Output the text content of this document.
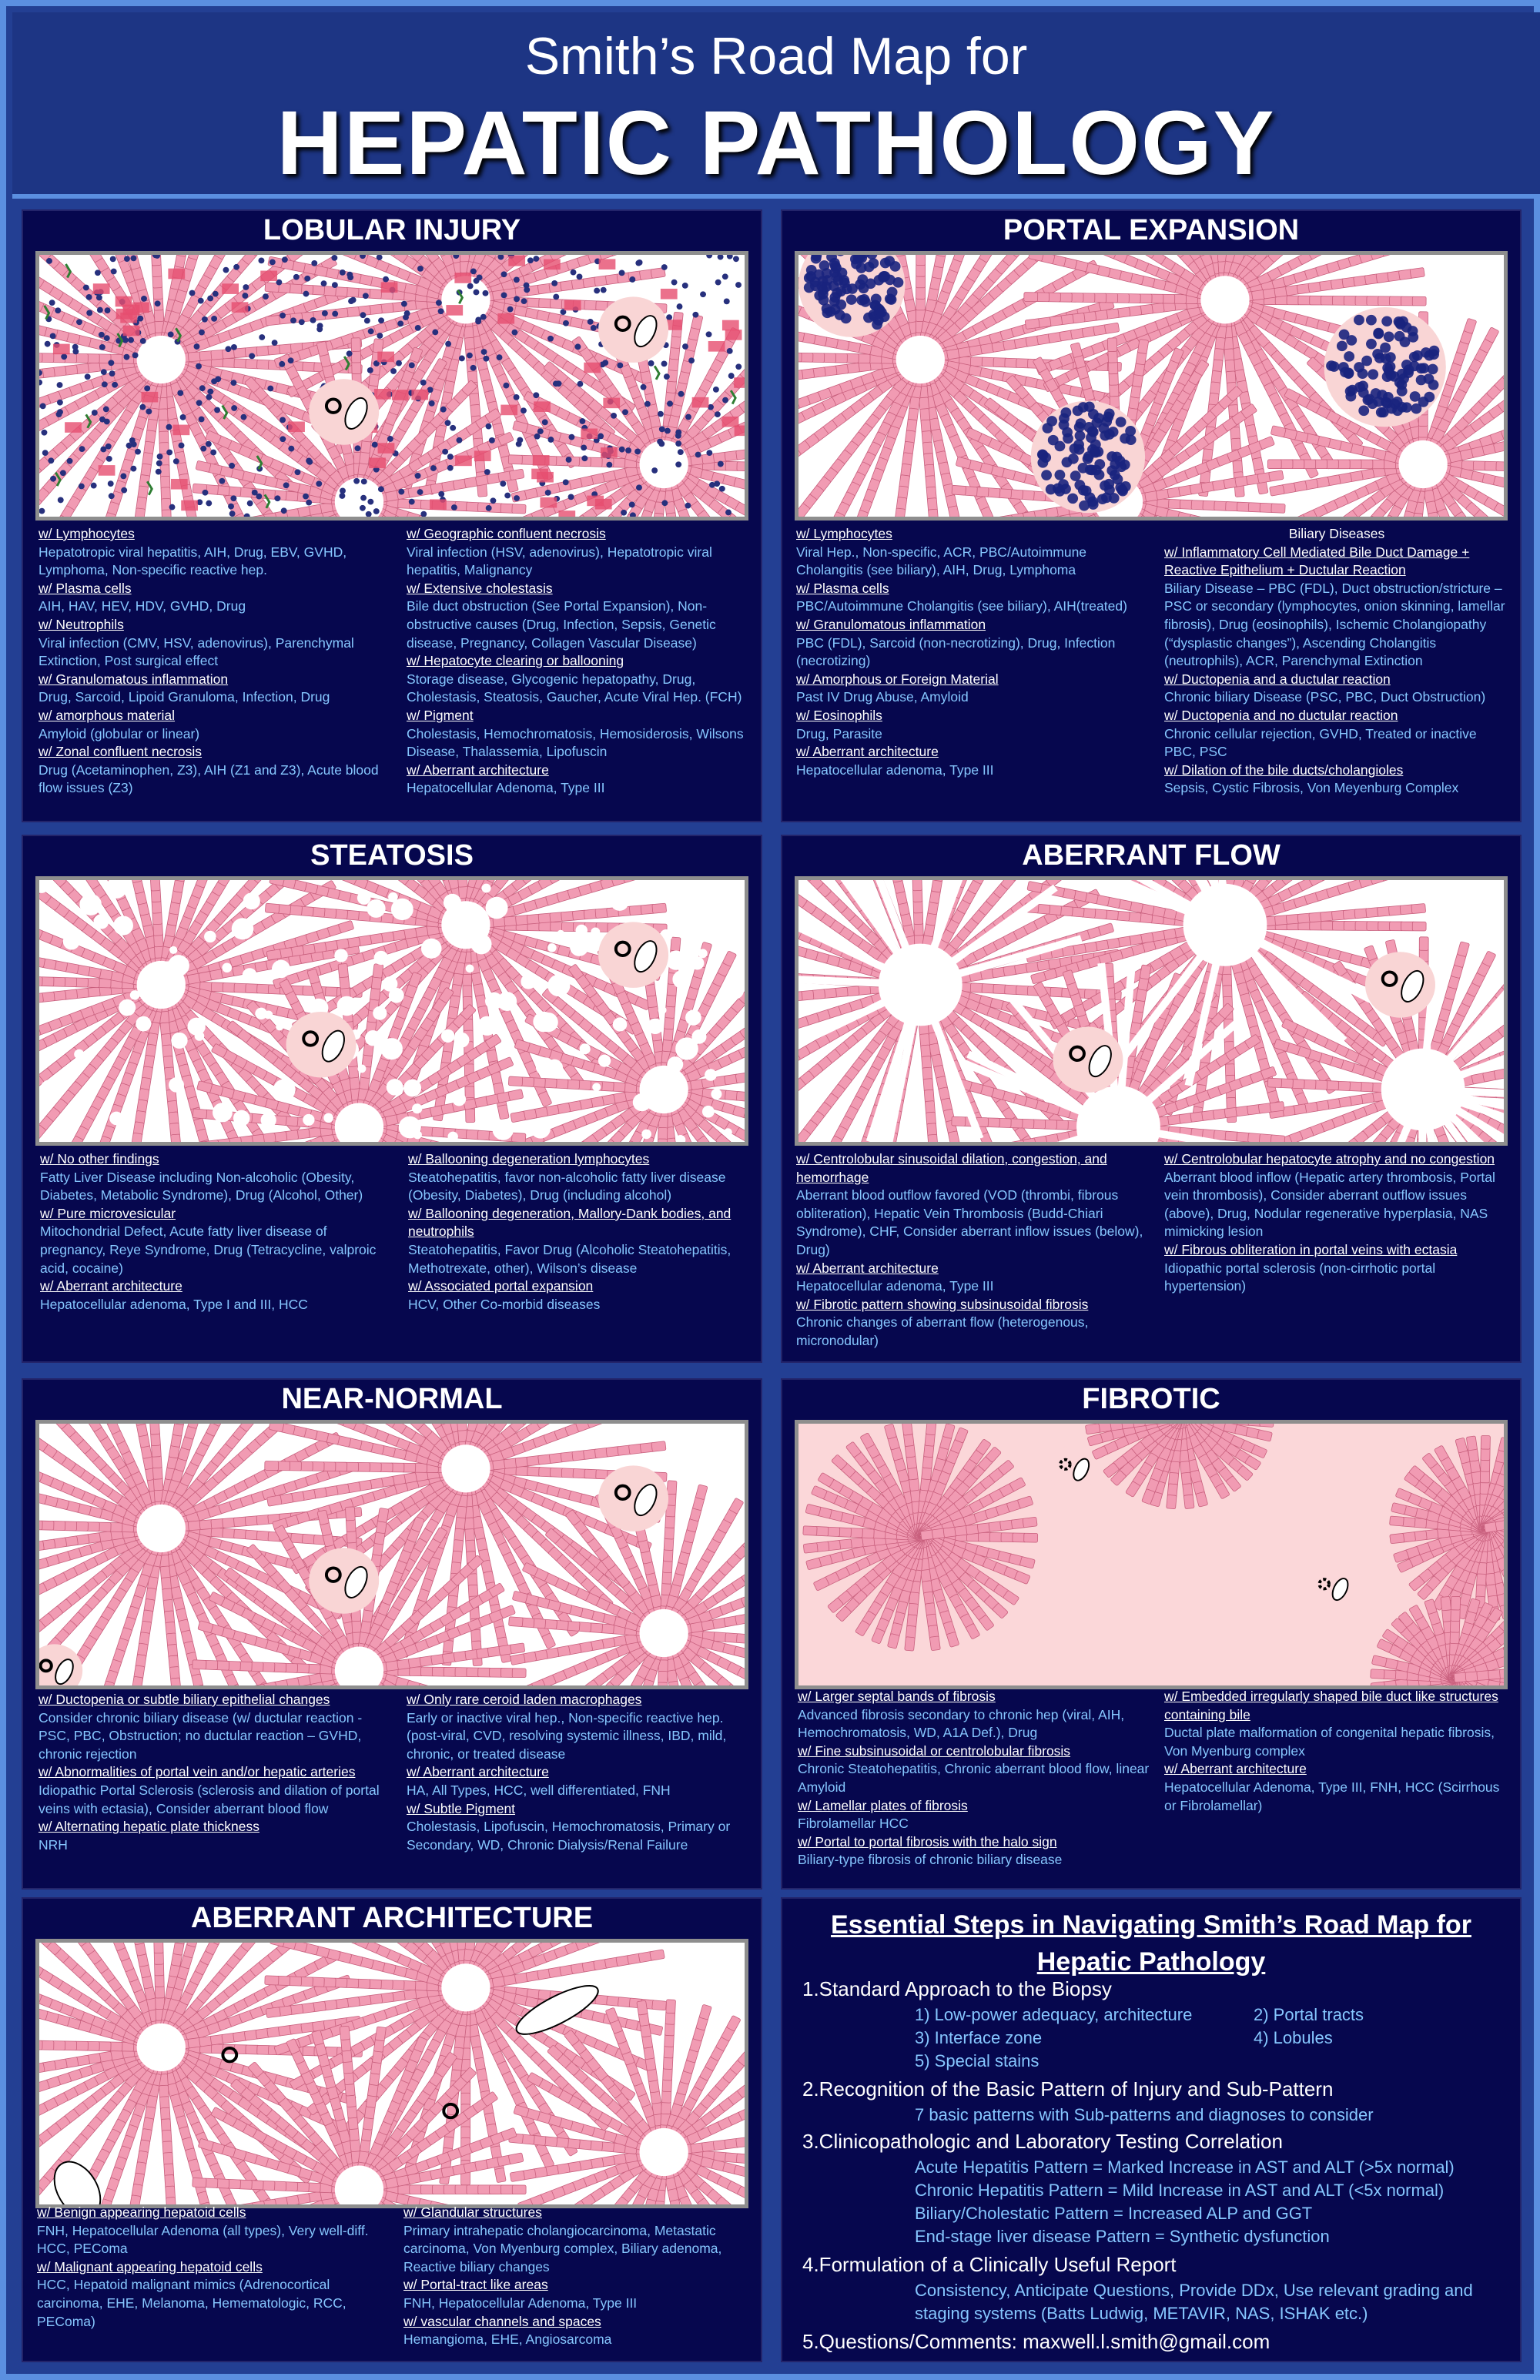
Smith’s Road Map for
HEPATIC PATHOLOGY
LOBULAR INJURY
w/ Lymphocytes
Hepatotropic viral hepatitis, AIH, Drug, EBV, GVHD, Lymphoma, Non-specific reactive hep.
w/ Plasma cells
AIH, HAV, HEV, HDV, GVHD, Drug
w/ Neutrophils
Viral infection (CMV, HSV, adenovirus), Parenchymal Extinction, Post surgical effect
w/ Granulomatous inflammation
Drug, Sarcoid, Lipoid Granuloma, Infection, Drug
w/ amorphous material
Amyloid (globular or linear)
w/ Zonal confluent necrosis
Drug (Acetaminophen, Z3), AIH (Z1 and Z3), Acute blood flow issues (Z3)
w/ Geographic confluent necrosis
Viral infection (HSV, adenovirus), Hepatotropic viral hepatitis, Malignancy
w/ Extensive cholestasis
Bile duct obstruction (See Portal Expansion), Non-obstructive causes (Drug, Infection, Sepsis, Genetic disease, Pregnancy, Collagen Vascular Disease)
w/ Hepatocyte clearing or ballooning
Storage disease, Glycogenic hepatopathy, Drug, Cholestasis, Steatosis, Gaucher, Acute Viral Hep. (FCH)
w/ Pigment
Cholestasis, Hemochromatosis, Hemosiderosis, Wilsons Disease, Thalassemia, Lipofuscin
w/ Aberrant architecture
Hepatocellular Adenoma, Type III
PORTAL EXPANSION
w/ Lymphocytes
Viral Hep., Non-specific, ACR, PBC/Autoimmune Cholangitis (see biliary), AIH, Drug, Lymphoma
w/ Plasma cells
PBC/Autoimmune Cholangitis (see biliary), AIH(treated)
w/ Granulomatous inflammation
PBC (FDL), Sarcoid (non-necrotizing), Drug, Infection (necrotizing)
w/ Amorphous or Foreign Material
Past IV Drug Abuse, Amyloid
w/ Eosinophils
Drug, Parasite
w/ Aberrant architecture
Hepatocellular adenoma, Type III
Biliary Diseases
w/ Inflammatory Cell Mediated Bile Duct Damage + Reactive Epithelium + Ductular Reaction
Biliary Disease – PBC (FDL), Duct obstruction/stricture – PSC or secondary (lymphocytes, onion skinning, lamellar fibrosis), Drug (eosinophils), Ischemic Cholangiopathy (“dysplastic changes”), Ascending Cholangitis (neutrophils), ACR, Parenchymal Extinction
w/ Ductopenia and a ductular reaction
Chronic biliary Disease (PSC, PBC, Duct Obstruction)
w/ Ductopenia and no ductular reaction
Chronic cellular rejection, GVHD, Treated or inactive PBC, PSC
w/ Dilation of the bile ducts/cholangioles
Sepsis, Cystic Fibrosis, Von Meyenburg Complex
STEATOSIS
w/ No other findings
Fatty Liver Disease including Non-alcoholic (Obesity, Diabetes, Metabolic Syndrome), Drug (Alcohol, Other)
w/ Pure microvesicular
Mitochondrial Defect, Acute fatty liver disease of pregnancy, Reye Syndrome, Drug (Tetracycline, valproic acid, cocaine)
w/ Aberrant architecture
Hepatocellular adenoma, Type I and III, HCC
w/ Ballooning degeneration lymphocytes
Steatohepatitis, favor non-alcoholic fatty liver disease (Obesity, Diabetes), Drug (including alcohol)
w/ Ballooning degeneration, Mallory-Dank bodies, and neutrophils
Steatohepatitis, Favor Drug (Alcoholic Steatohepatitis, Methotrexate, other), Wilson’s disease
w/ Associated portal expansion
HCV, Other Co-morbid diseases
ABERRANT FLOW
w/ Centrolobular sinusoidal dilation, congestion, and hemorrhage
Aberrant blood outflow favored (VOD (thrombi, fibrous obliteration), Hepatic Vein Thrombosis (Budd-Chiari Syndrome), CHF, Consider aberrant inflow issues (below), Drug)
w/ Aberrant architecture
Hepatocellular adenoma, Type III
w/ Fibrotic pattern showing subsinusoidal fibrosis
Chronic changes of aberrant flow (heterogenous, micronodular)
w/ Centrolobular hepatocyte atrophy and no congestion
Aberrant blood inflow (Hepatic artery thrombosis, Portal vein thrombosis), Consider aberrant outflow issues (above), Drug, Nodular regenerative hyperplasia, NAS mimicking lesion
w/ Fibrous obliteration in portal veins with ectasia
Idiopathic portal sclerosis (non-cirrhotic portal hypertension)
NEAR-NORMAL
w/ Ductopenia or subtle biliary epithelial changes
Consider chronic biliary disease (w/ ductular reaction - PSC, PBC, Obstruction; no ductular reaction – GVHD, chronic rejection
w/ Abnormalities of portal vein and/or hepatic arteries
Idiopathic Portal Sclerosis (sclerosis and dilation of portal veins with ectasia), Consider aberrant blood flow
w/ Alternating hepatic plate thickness
NRH
w/ Only rare ceroid laden macrophages
Early or inactive viral hep., Non-specific reactive hep. (post-viral, CVD, resolving systemic illness, IBD, mild, chronic, or treated disease
w/ Aberrant architecture
HA, All Types, HCC, well differentiated, FNH
w/ Subtle Pigment
Cholestasis, Lipofuscin, Hemochromatosis, Primary or Secondary, WD, Chronic Dialysis/Renal Failure
FIBROTIC
w/ Larger septal bands of fibrosis
Advanced fibrosis secondary to chronic hep (viral, AIH, Hemochromatosis, WD, A1A Def.), Drug
w/ Fine subsinusoidal or centrolobular fibrosis
Chronic Steatohepatitis, Chronic aberrant blood flow, linear Amyloid
w/ Lamellar plates of fibrosis
Fibrolamellar HCC
w/ Portal to portal fibrosis with the halo sign
Biliary-type fibrosis of chronic biliary disease
w/ Embedded irregularly shaped bile duct like structures containing bile
Ductal plate malformation of congenital hepatic fibrosis, Von Myenburg complex
w/ Aberrant architecture
Hepatocellular Adenoma, Type III, FNH, HCC (Scirrhous or Fibrolamellar)
ABERRANT ARCHITECTURE
w/ Benign appearing hepatoid cells
FNH, Hepatocellular Adenoma (all types), Very well-diff. HCC, PEComa
w/ Malignant appearing hepatoid cells
HCC, Hepatoid malignant mimics (Adrenocortical carcinoma, EHE, Melanoma, Hemematologic, RCC, PEComa)
w/ Glandular structures
Primary intrahepatic cholangiocarcinoma, Metastatic carcinoma, Von Myenburg complex, Biliary adenoma, Reactive biliary changes
w/ Portal-tract like areas
FNH, Hepatocellular Adenoma, Type III
w/ vascular channels and spaces
Hemangioma, EHE, Angiosarcoma
Essential Steps in Navigating Smith’s Road Map for Hepatic Pathology
1.Standard Approach to the Biopsy
1) Low-power adequacy, architecture	2) Portal tracts
3) Interface zone	4) Lobules
5) Special stains
2.Recognition of the Basic Pattern of Injury and Sub-Pattern
7 basic patterns with Sub-patterns and diagnoses to consider
3.Clinicopathologic and Laboratory Testing Correlation
Acute Hepatitis Pattern = Marked Increase in AST and ALT (>5x normal)
Chronic Hepatitis Pattern = Mild Increase in AST and ALT (<5x normal)
Biliary/Cholestatic Pattern = Increased ALP and GGT
End-stage liver disease Pattern = Synthetic dysfunction
4.Formulation of a Clinically Useful Report
Consistency, Anticipate Questions, Provide DDx, Use relevant grading and staging systems (Batts Ludwig, METAVIR, NAS, ISHAK etc.)
5.Questions/Comments: maxwell.l.smith@gmail.com
